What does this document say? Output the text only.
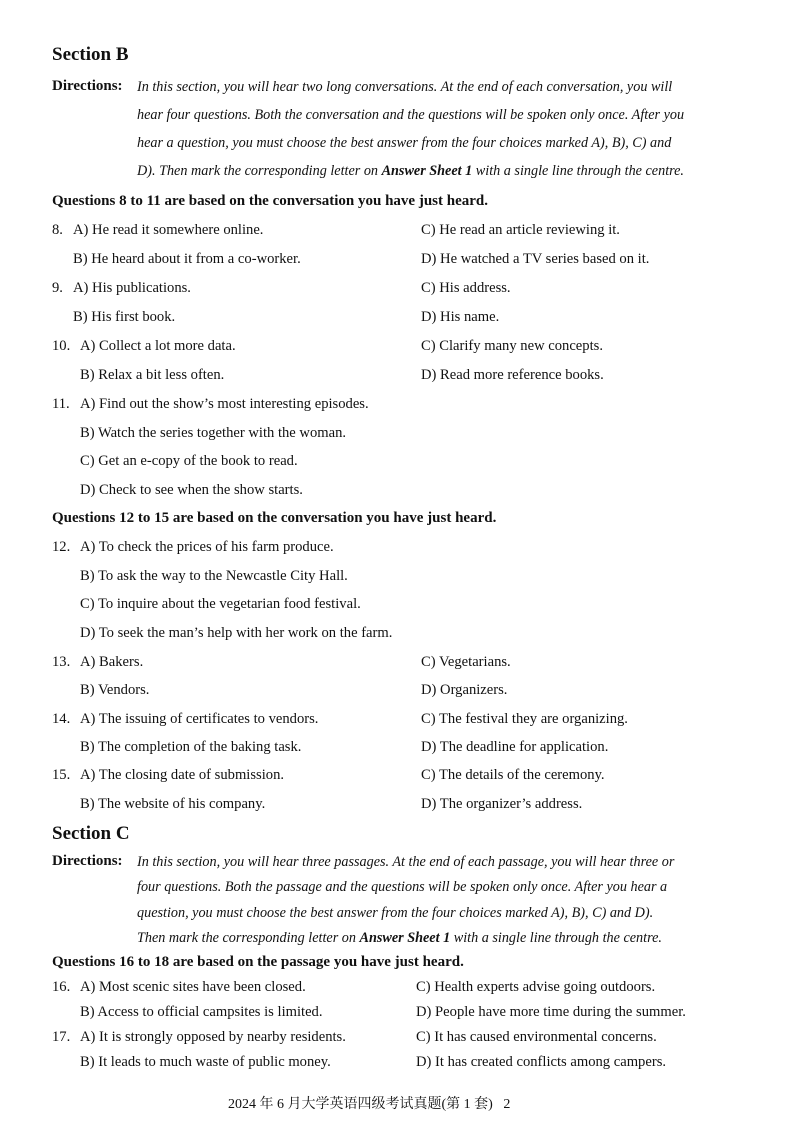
Section B
Directions: In this section, you will hear two long conversations. At the end of each conversation, you will
hear four questions. Both the conversation and the questions will be spoken only once. After you
hear a question, you must choose the best answer from the four choices marked A), B), C) and
D). Then mark the corresponding letter on Answer Sheet 1 with a single line through the centre.
Questions 8 to 11 are based on the conversation you have just heard.
8. A) He read it somewhere online.	C) He read an article reviewing it.
B) He heard about it from a co-worker.	D) He watched a TV series based on it.
9. A) His publications.	C) His address.
B) His first book.	D) His name.
10. A) Collect a lot more data.	C) Clarify many new concepts.
B) Relax a bit less often.	D) Read more reference books.
11. A) Find out the show’s most interesting episodes.
B) Watch the series together with the woman.
C) Get an e-copy of the book to read.
D) Check to see when the show starts.
Questions 12 to 15 are based on the conversation you have just heard.
12. A) To check the prices of his farm produce.
B) To ask the way to the Newcastle City Hall.
C) To inquire about the vegetarian food festival.
D) To seek the man’s help with her work on the farm.
13. A) Bakers.	C) Vegetarians.
B) Vendors.	D) Organizers.
14. A) The issuing of certificates to vendors.	C) The festival they are organizing.
B) The completion of the baking task.	D) The deadline for application.
15. A) The closing date of submission.	C) The details of the ceremony.
B) The website of his company.	D) The organizer’s address.
Section C
Directions: In this section, you will hear three passages. At the end of each passage, you will hear three or
four questions. Both the passage and the questions will be spoken only once. After you hear a
question, you must choose the best answer from the four choices marked A), B), C) and D).
Then mark the corresponding letter on Answer Sheet 1 with a single line through the centre.
Questions 16 to 18 are based on the passage you have just heard.
16. A) Most scenic sites have been closed.	C) Health experts advise going outdoors.
B) Access to official campsites is limited.	D) People have more time during the summer.
17. A) It is strongly opposed by nearby residents.	C) It has caused environmental concerns.
B) It leads to much waste of public money.	D) It has created conflicts among campers.
2024 年 6 月大学英语四级考试真题(第 1 套) 2
